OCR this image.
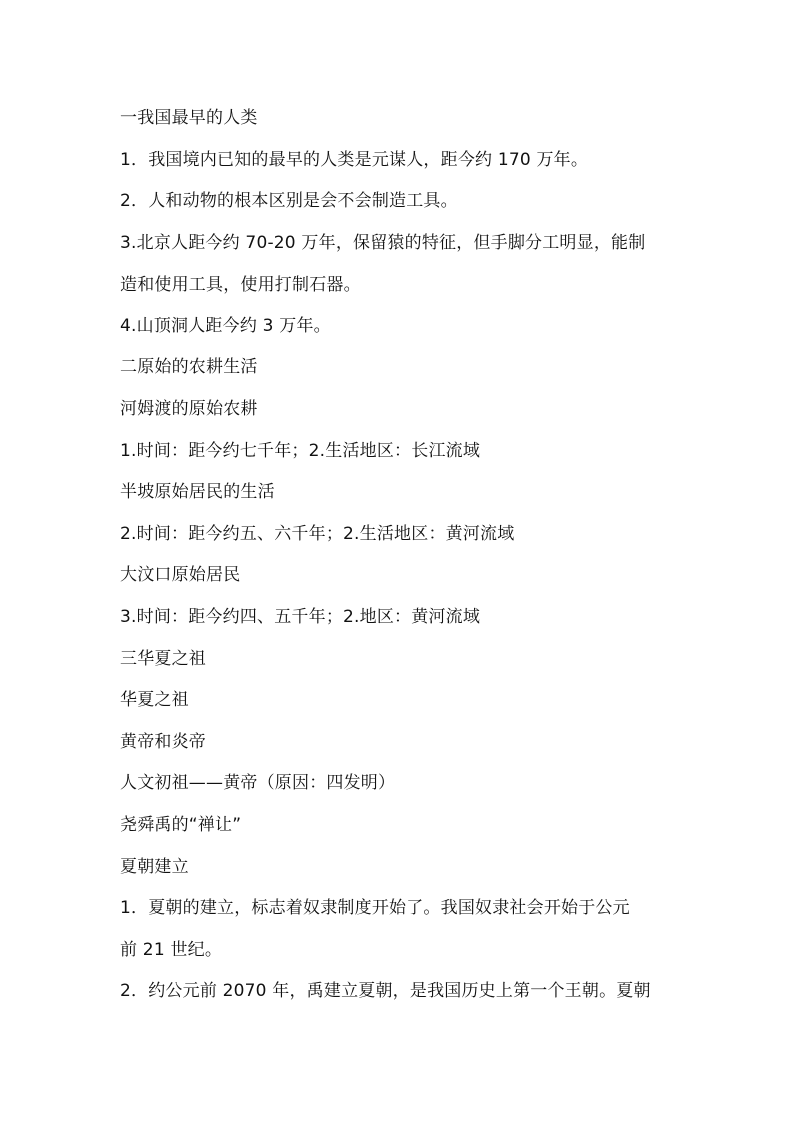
一我国最早的人类
1．我国境内已知的最早的人类是元谋人，距今约 170 万年。
2．人和动物的根本区别是会不会制造工具。
3.北京人距今约 70-20 万年，保留猿的特征，但手脚分工明显，能制
造和使用工具，使用打制石器。
4.山顶洞人距今约 3 万年。
二原始的农耕生活
河姆渡的原始农耕
1.时间：距今约七千年；2.生活地区：长江流域
半坡原始居民的生活
2.时间：距今约五、六千年；2.生活地区：黄河流域
大汶口原始居民
3.时间：距今约四、五千年；2.地区：黄河流域
三华夏之祖
华夏之祖
黄帝和炎帝
人文初祖——黄帝（原因：四发明）
尧舜禹的“禅让”
夏朝建立
1．夏朝的建立，标志着奴隶制度开始了。我国奴隶社会开始于公元
前 21 世纪。
2．约公元前 2070 年，禹建立夏朝，是我国历史上第一个王朝。夏朝
